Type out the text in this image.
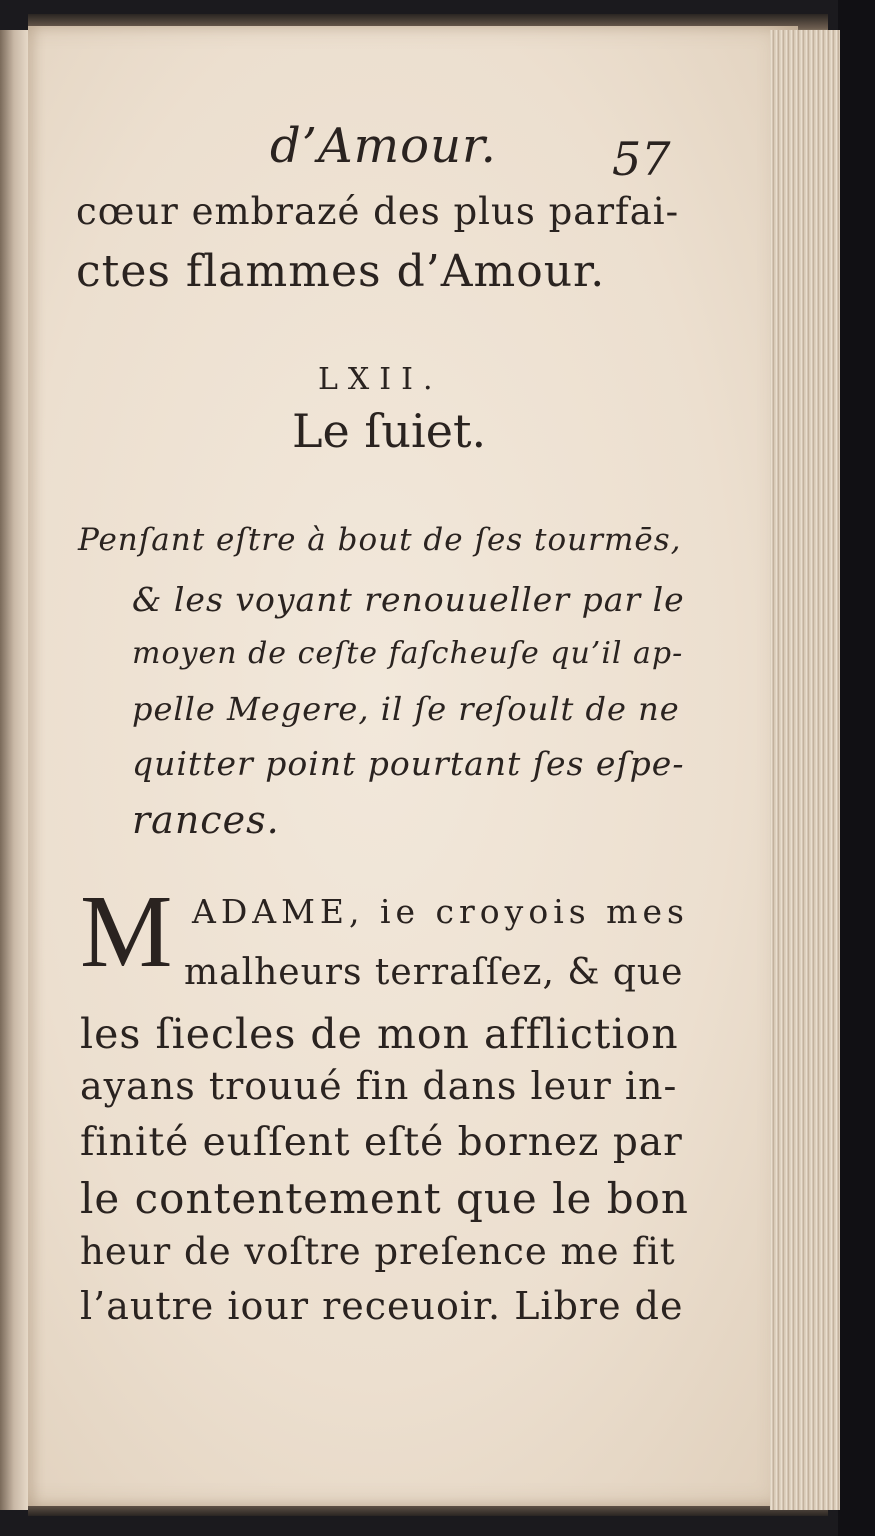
d’Amour.	57
cœur embrazé des plus parfai-
ctes flammes d’Amour.
LXII.
Le ſuiet.
Penſant eſtre à bout de ſes tourmēs,
& les voyant renouueller par le
moyen de ceſte faſcheuſe qu’il ap-
pelle Megere, il ſe reſoult de ne
quitter point pourtant ſes eſpe-
rances.
M ADAME, ie croyois mes
malheurs terraſſez, & que
les ſiecles de mon affliction
ayans trouué fin dans leur in-
finité euſſent eſté bornez par
le contentement que le bon
heur de voſtre preſence me fit
l’autre iour receuoir. Libre de
